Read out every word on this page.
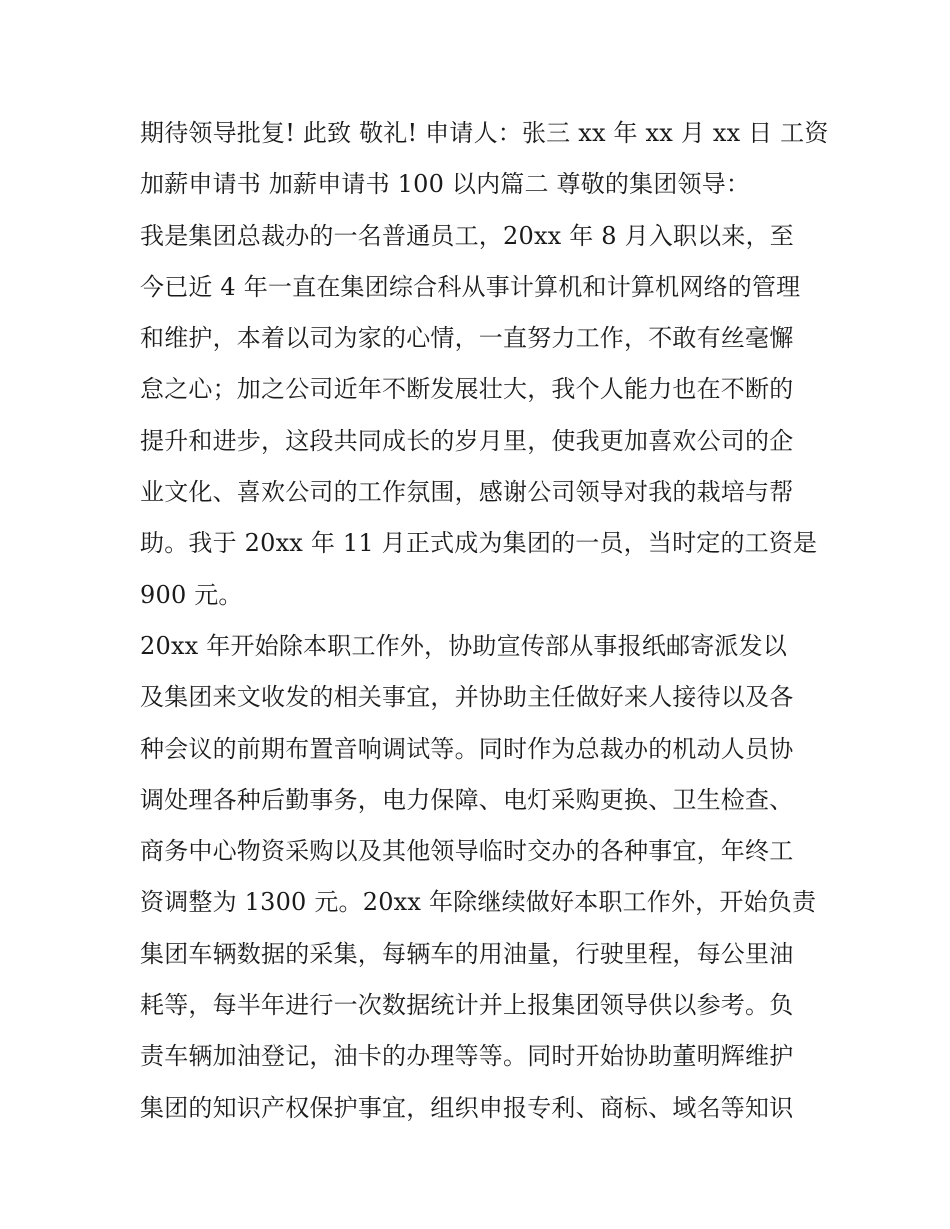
期待领导批复! 此致 敬礼! 申请人：张三 xx 年 xx 月 xx 日 工资
加薪申请书 加薪申请书 100 以内篇二 尊敬的集团领导：
我是集团总裁办的一名普通员工，20xx 年 8 月入职以来，至
今已近 4 年一直在集团综合科从事计算机和计算机网络的管理
和维护，本着以司为家的心情，一直努力工作，不敢有丝毫懈
怠之心；加之公司近年不断发展壮大，我个人能力也在不断的
提升和进步，这段共同成长的岁月里，使我更加喜欢公司的企
业文化、喜欢公司的工作氛围，感谢公司领导对我的栽培与帮
助。我于 20xx 年 11 月正式成为集团的一员，当时定的工资是
900 元。
20xx 年开始除本职工作外，协助宣传部从事报纸邮寄派发以
及集团来文收发的相关事宜，并协助主任做好来人接待以及各
种会议的前期布置音响调试等。同时作为总裁办的机动人员协
调处理各种后勤事务，电力保障、电灯采购更换、卫生检查、
商务中心物资采购以及其他领导临时交办的各种事宜，年终工
资调整为 1300 元。20xx 年除继续做好本职工作外，开始负责
集团车辆数据的采集，每辆车的用油量，行驶里程，每公里油
耗等，每半年进行一次数据统计并上报集团领导供以参考。负
责车辆加油登记，油卡的办理等等。同时开始协助董明辉维护
集团的知识产权保护事宜，组织申报专利、商标、域名等知识
